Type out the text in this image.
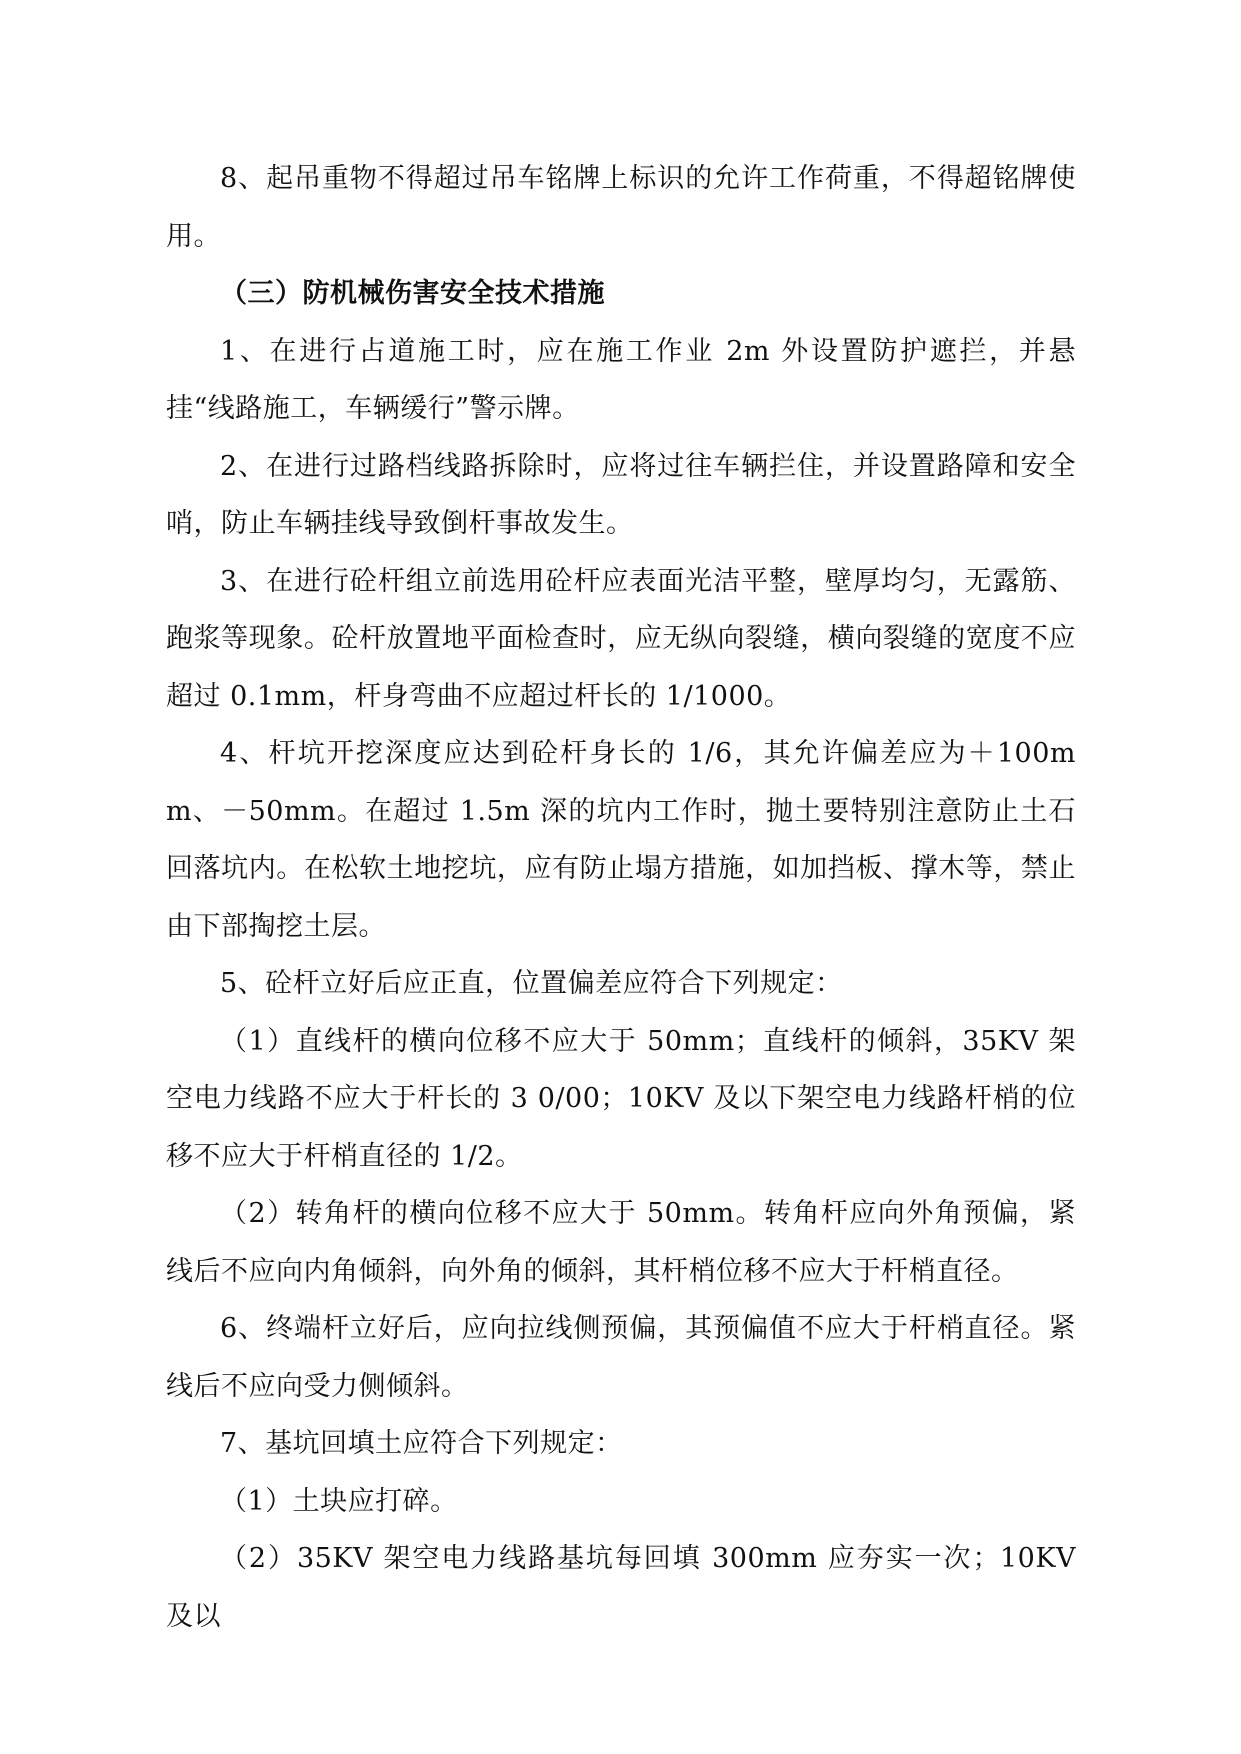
8、起吊重物不得超过吊车铭牌上标识的允许工作荷重，不得超铭牌使用。

（三）防机械伤害安全技术措施

1、在进行占道施工时，应在施工作业 2m 外设置防护遮拦，并悬挂“线路施工，车辆缓行”警示牌。

2、在进行过路档线路拆除时，应将过往车辆拦住，并设置路障和安全哨，防止车辆挂线导致倒杆事故发生。

3、在进行砼杆组立前选用砼杆应表面光洁平整，壁厚均匀，无露筋、跑浆等现象。砼杆放置地平面检查时，应无纵向裂缝，横向裂缝的宽度不应超过 0.1mm，杆身弯曲不应超过杆长的 1/1000。

4、杆坑开挖深度应达到砼杆身长的 1/6，其允许偏差应为＋100mm、－50mm。在超过 1.5m 深的坑内工作时，抛土要特别注意防止土石回落坑内。在松软土地挖坑，应有防止塌方措施，如加挡板、撑木等，禁止由下部掏挖土层。

5、砼杆立好后应正直，位置偏差应符合下列规定：

（1）直线杆的横向位移不应大于 50mm；直线杆的倾斜，35KV 架空电力线路不应大于杆长的 3 0/00；10KV 及以下架空电力线路杆梢的位移不应大于杆梢直径的 1/2。

（2）转角杆的横向位移不应大于 50mm。转角杆应向外角预偏，紧线后不应向内角倾斜，向外角的倾斜，其杆梢位移不应大于杆梢直径。

6、终端杆立好后，应向拉线侧预偏，其预偏值不应大于杆梢直径。紧线后不应向受力侧倾斜。

7、基坑回填土应符合下列规定：

（1）土块应打碎。

（2）35KV 架空电力线路基坑每回填 300mm 应夯实一次；10KV 及以
